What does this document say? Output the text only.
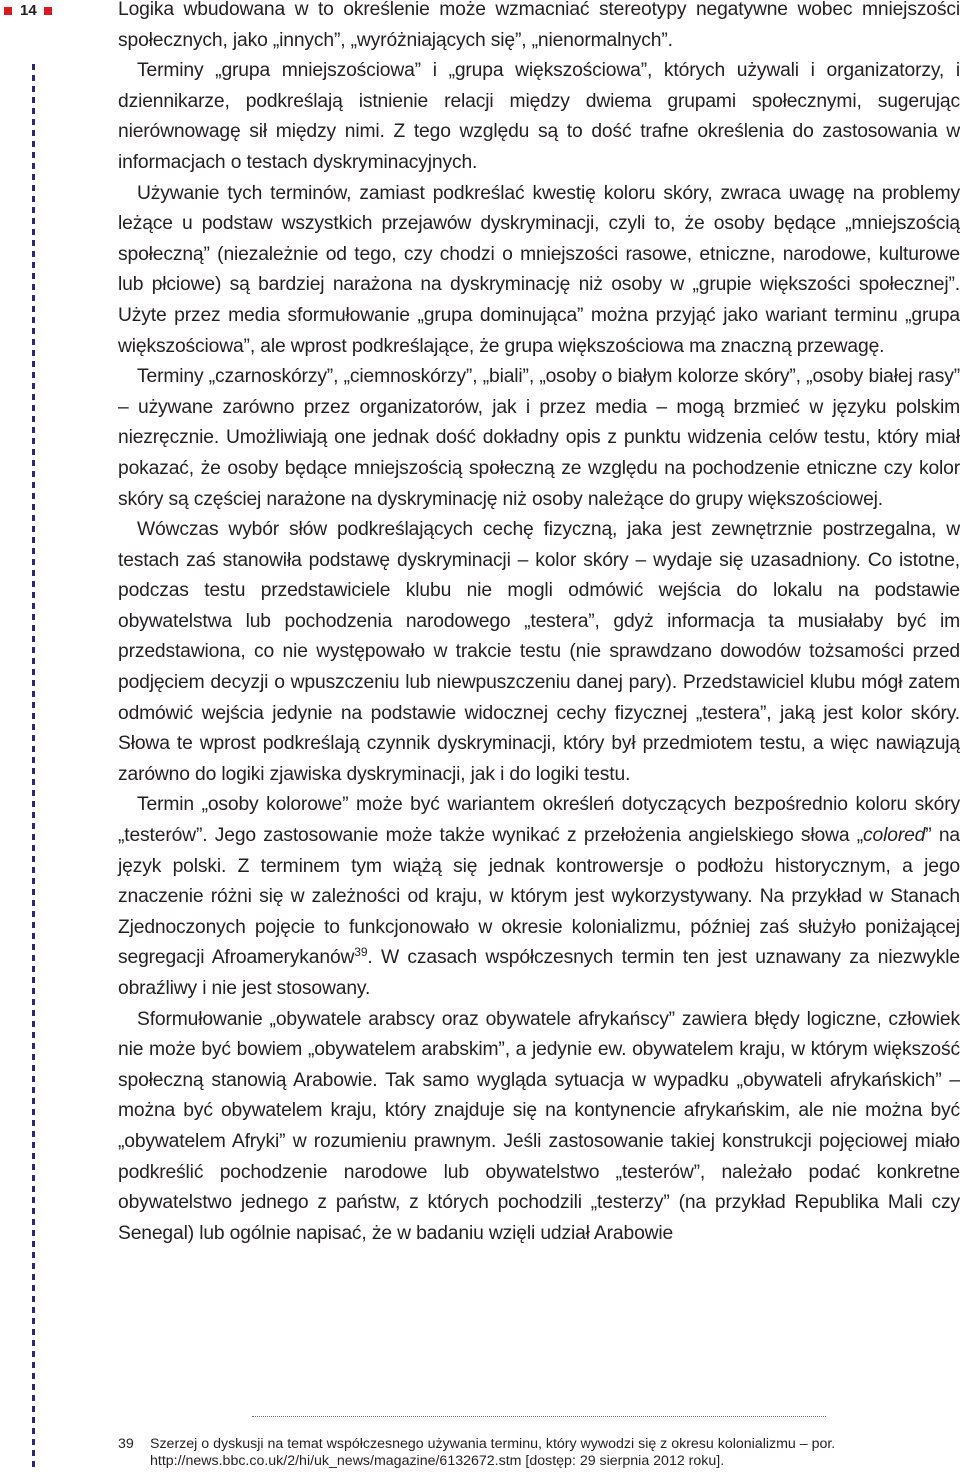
14	Logika wbudowana w to określenie może wzmacniać stereotypy negatywne wobec mniejszości społecznych, jako „innych”, „wyróżniających się”, „nienormalnych”.

Terminy „grupa mniejszościowa” i „grupa większościowa”, których używali i organizatorzy, i dziennikarze, podkreślają istnienie relacji między dwiema grupami społecznymi, sugerując nierównowagę sił między nimi. Z tego względu są to dość trafne określenia do zastosowania w informacjach o testach dyskryminacyjnych.

Używanie tych terminów, zamiast podkreślać kwestię koloru skóry, zwraca uwagę na problemy leżące u podstaw wszystkich przejawów dyskryminacji, czyli to, że osoby będące „mniejszością społeczną” (niezależnie od tego, czy chodzi o mniejszości rasowe, etniczne, narodowe, kulturowe lub płciowe) są bardziej narażona na dyskryminację niż osoby w „grupie większości społecznej”. Użyte przez media sformułowanie „grupa dominująca” można przyjąć jako wariant terminu „grupa większościowa”, ale wprost podkreślające, że grupa większościowa ma znaczną przewagę.

Terminy „czarnoskórzy”, „ciemnoskórzy”, „biali”, „osoby o białym kolorze skóry”, „osoby białej rasy” – używane zarówno przez organizatorów, jak i przez media – mogą brzmieć w języku polskim niezręcznie. Umożliwiają one jednak dość dokładny opis z punktu widzenia celów testu, który miał pokazać, że osoby będące mniejszością społeczną ze względu na pochodzenie etniczne czy kolor skóry są częściej narażone na dyskryminację niż osoby należące do grupy większościowej.

Wówczas wybór słów podkreślających cechę fizyczną, jaka jest zewnętrznie postrzegalna, w testach zaś stanowiła podstawę dyskryminacji – kolor skóry – wydaje się uzasadniony. Co istotne, podczas testu przedstawiciele klubu nie mogli odmówić wejścia do lokalu na podstawie obywatelstwa lub pochodzenia narodowego „testera”, gdyż informacja ta musiałaby być im przedstawiona, co nie występowało w trakcie testu (nie sprawdzano dowodów tożsamości przed podjęciem decyzji o wpuszczeniu lub niewpuszczeniu danej pary). Przedstawiciel klubu mógł zatem odmówić wejścia jedynie na podstawie widocznej cechy fizycznej „testera”, jaką jest kolor skóry. Słowa te wprost podkreślają czynnik dyskryminacji, który był przedmiotem testu, a więc nawiązują zarówno do logiki zjawiska dyskryminacji, jak i do logiki testu.

Termin „osoby kolorowe” może być wariantem określeń dotyczących bezpośrednio koloru skóry „testerów”. Jego zastosowanie może także wynikać z przełożenia angielskiego słowa „colored” na język polski. Z terminem tym wiążą się jednak kontrowersje o podłożu historycznym, a jego znaczenie różni się w zależności od kraju, w którym jest wykorzystywany. Na przykład w Stanach Zjednoczonych pojęcie to funkcjonowało w okresie kolonializmu, później zaś służyło poniżającej segregacji Afroamerykanów$^{39}$. W czasach współczesnych termin ten jest uznawany za niezwykle obraźliwy i nie jest stosowany.

Sformułowanie „obywatele arabscy oraz obywatele afrykańscy” zawiera błędy logiczne, człowiek nie może być bowiem „obywatelem arabskim”, a jedynie ew. obywatelem kraju, w którym większość społeczną stanowią Arabowie. Tak samo wygląda sytuacja w wypadku „obywateli afrykańskich” – można być obywatelem kraju, który znajduje się na kontynencie afrykańskim, ale nie można być „obywatelem Afryki” w rozumieniu prawnym. Jeśli zastosowanie takiej konstrukcji pojęciowej miało podkreślić pochodzenie narodowe lub obywatelstwo „testerów”, należało podać konkretne obywatelstwo jednego z państw, z których pochodzili „testerzy” (na przykład Republika Mali czy Senegal) lub ogólnie napisać, że w badaniu wzięli udział Arabowie

39 Szerzej o dyskusji na temat współczesnego używania terminu, który wywodzi się z okresu kolonializmu – por. http://news.bbc.co.uk/2/hi/uk_news/magazine/6132672.stm [dostęp: 29 sierpnia 2012 roku].
